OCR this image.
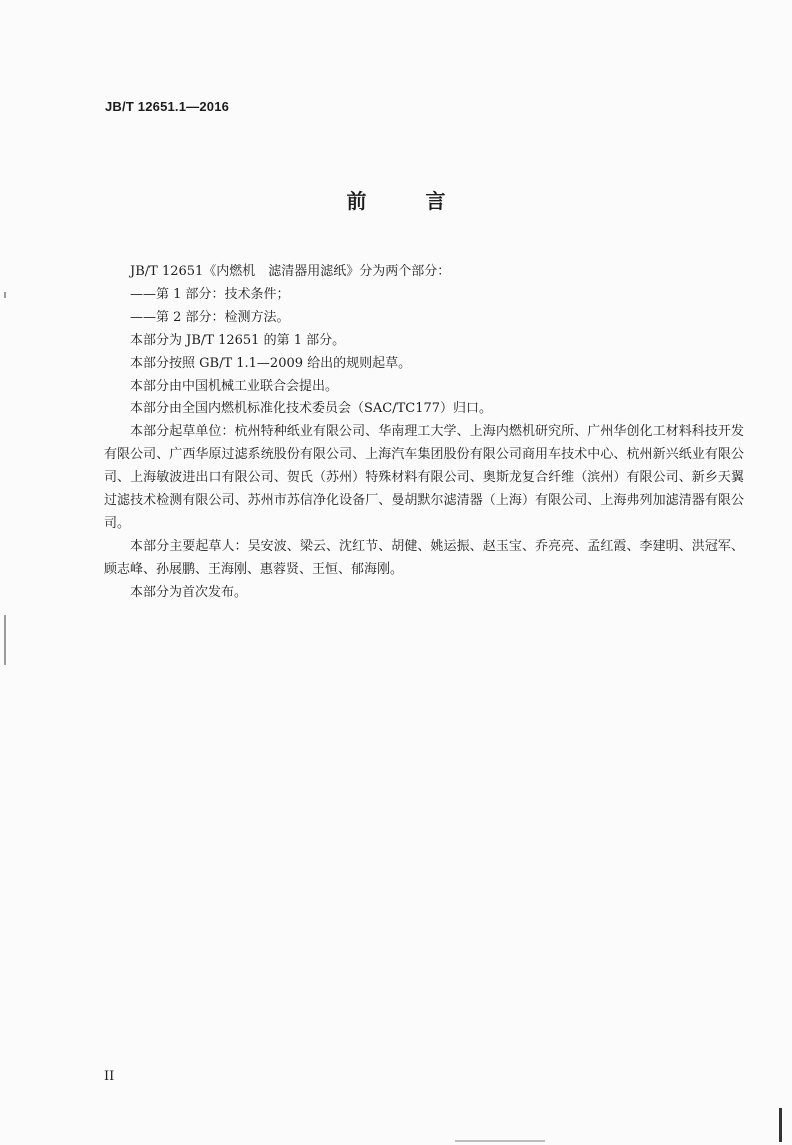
JB/T 12651.1—2016
前 言

JB/T 12651《内燃机　滤清器用滤纸》分为两个部分：

——第 1 部分：技术条件；

——第 2 部分：检测方法。

本部分为 JB/T 12651 的第 1 部分。

本部分按照 GB/T 1.1—2009 给出的规则起草。

本部分由中国机械工业联合会提出。

本部分由全国内燃机标准化技术委员会（SAC/TC177）归口。

本部分起草单位：杭州特种纸业有限公司、华南理工大学、上海内燃机研究所、广州华创化工材料科技开发有限公司、广西华原过滤系统股份有限公司、上海汽车集团股份有限公司商用车技术中心、杭州新兴纸业有限公司、上海敏波进出口有限公司、贺氏（苏州）特殊材料有限公司、奥斯龙复合纤维（滨州）有限公司、新乡天翼过滤技术检测有限公司、苏州市苏信净化设备厂、曼胡默尔滤清器（上海）有限公司、上海弗列加滤清器有限公司。

本部分主要起草人：吴安波、梁云、沈红节、胡健、姚运振、赵玉宝、乔亮亮、孟红霞、李建明、洪冠军、顾志峰、孙展鹏、王海刚、惠蓉贤、王恒、郁海刚。

本部分为首次发布。

II
